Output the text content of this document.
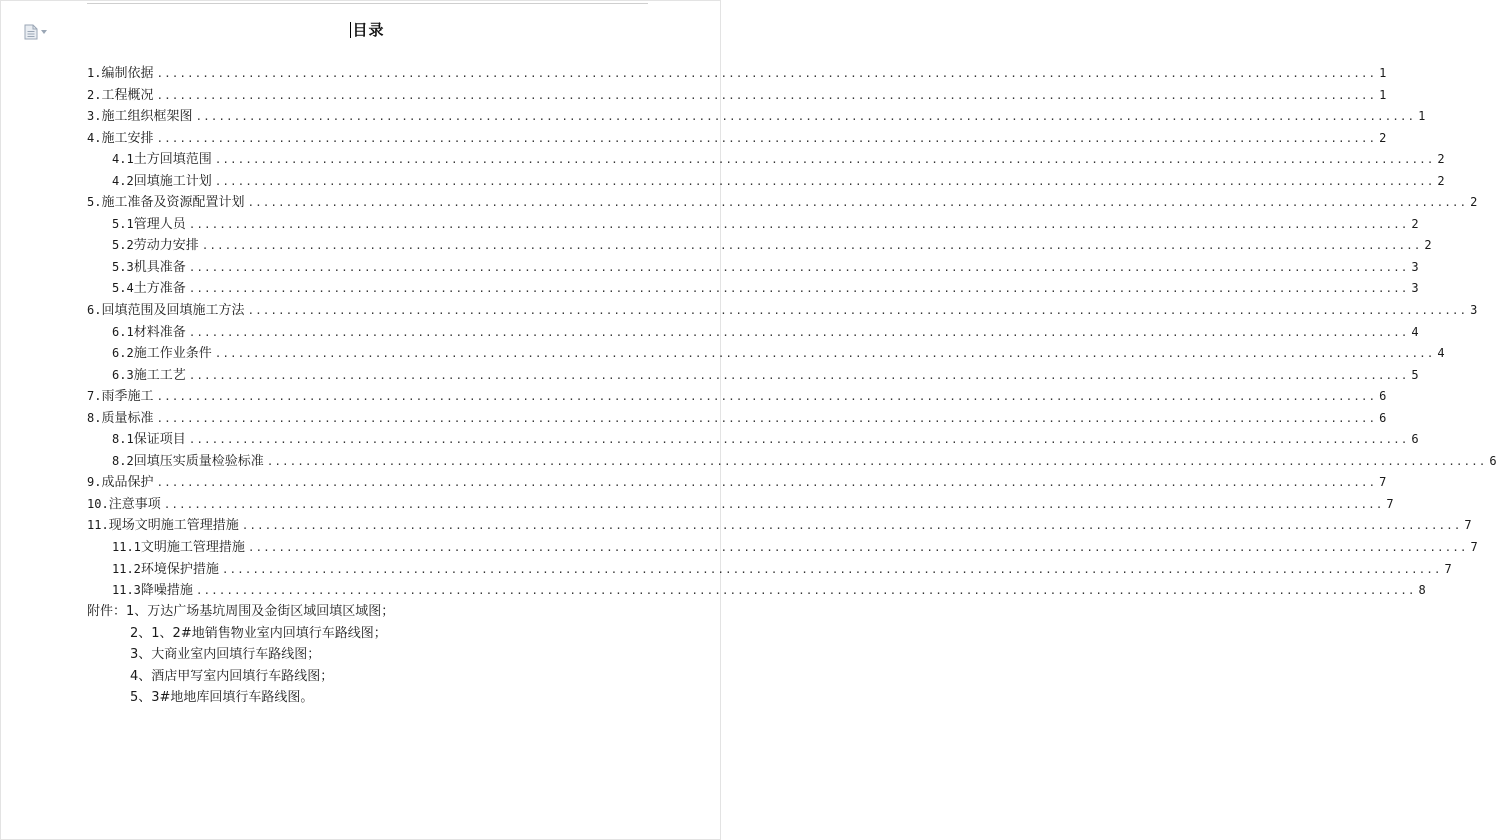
目录
1. 编制依据 ................................................................................................................................................................ 1
2. 工程概况 ................................................................................................................................................................ 1
3. 施工组织框架图 ................................................................................................................................................................ 1
4. 施工安排 ................................................................................................................................................................ 2
4.1 土方回填范围 ................................................................................................................................................................ 2
4.2 回填施工计划 ................................................................................................................................................................ 2
5. 施工准备及资源配置计划 ................................................................................................................................................................ 2
5.1 管理人员 ................................................................................................................................................................ 2
5.2 劳动力安排 ................................................................................................................................................................ 2
5.3 机具准备 ................................................................................................................................................................ 3
5.4 土方准备 ................................................................................................................................................................ 3
6. 回填范围及回填施工方法 ................................................................................................................................................................ 3
6.1 材料准备 ................................................................................................................................................................ 4
6.2 施工作业条件 ................................................................................................................................................................ 4
6.3 施工工艺 ................................................................................................................................................................ 5
7. 雨季施工 ................................................................................................................................................................ 6
8. 质量标准 ................................................................................................................................................................ 6
8.1 保证项目 ................................................................................................................................................................ 6
8.2 回填压实质量检验标准 ................................................................................................................................................................ 6
9. 成品保护 ................................................................................................................................................................ 7
10. 注意事项 ................................................................................................................................................................ 7
11. 现场文明施工管理措施 ................................................................................................................................................................ 7
11.1 文明施工管理措施 ................................................................................................................................................................ 7
11.2 环境保护措施 ................................................................................................................................................................ 7
11.3 降噪措施 ................................................................................................................................................................ 8
附件：1、万达广场基坑周围及金街区域回填区域图；
2、1、2#地销售物业室内回填行车路线图；
3、大商业室内回填行车路线图；
4、酒店甲写室内回填行车路线图；
5、3#地地库回填行车路线图。
